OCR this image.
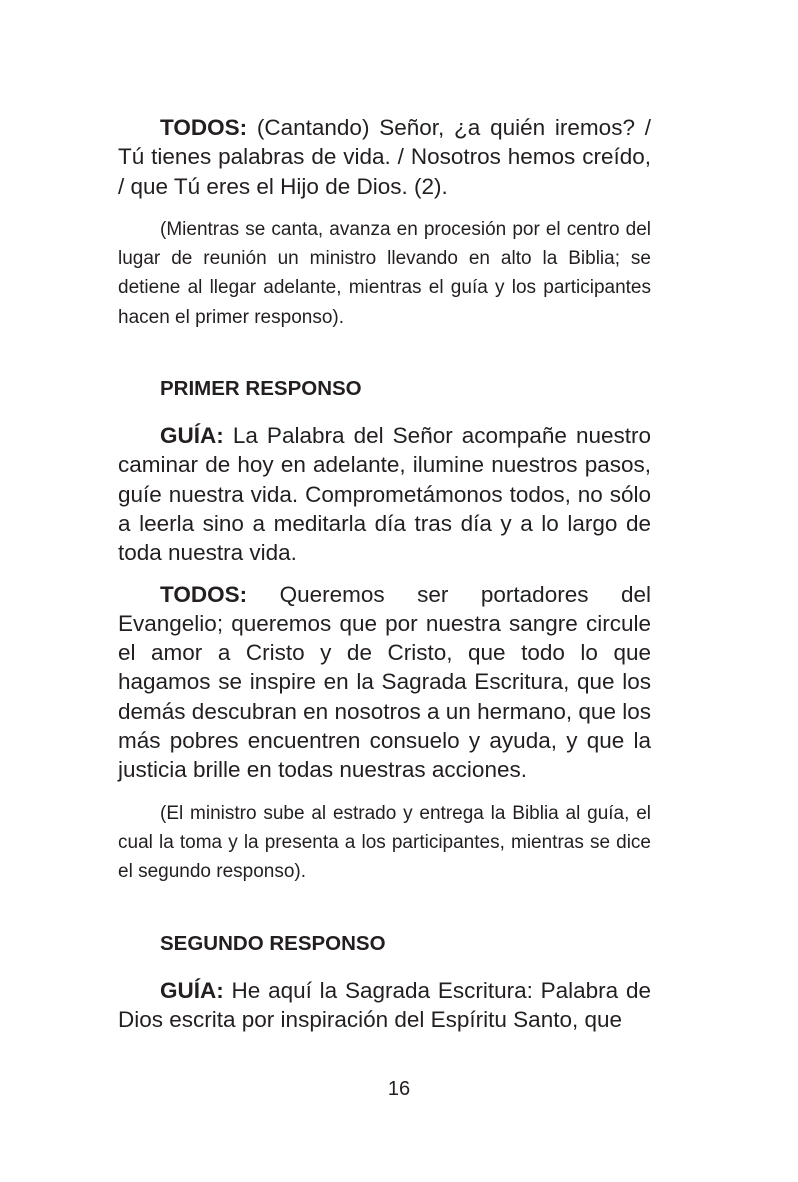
TODOS: (Cantando) Señor, ¿a quién iremos? / Tú tienes palabras de vida. / Nosotros hemos creído, / que Tú eres el Hijo de Dios. (2).

(Mientras se canta, avanza en procesión por el centro del lugar de reunión un ministro llevando en alto la Biblia; se detiene al llegar adelante, mientras el guía y los participantes hacen el primer responso).

PRIMER RESPONSO

GUÍA: La Palabra del Señor acompañe nuestro caminar de hoy en adelante, ilumine nuestros pasos, guíe nuestra vida. Comprometámonos todos, no sólo a leerla sino a meditarla día tras día y a lo largo de toda nuestra vida.

TODOS: Queremos ser portadores del Evangelio; queremos que por nuestra sangre circule el amor a Cristo y de Cristo, que todo lo que hagamos se inspire en la Sagrada Escritura, que los demás descubran en nosotros a un hermano, que los más pobres encuentren consuelo y ayuda, y que la justicia brille en todas nuestras acciones.

(El ministro sube al estrado y entrega la Biblia al guía, el cual la toma y la presenta a los participantes, mientras se dice el segundo responso).

SEGUNDO RESPONSO

GUÍA: He aquí la Sagrada Escritura: Palabra de Dios escrita por inspiración del Espíritu Santo, que

16
